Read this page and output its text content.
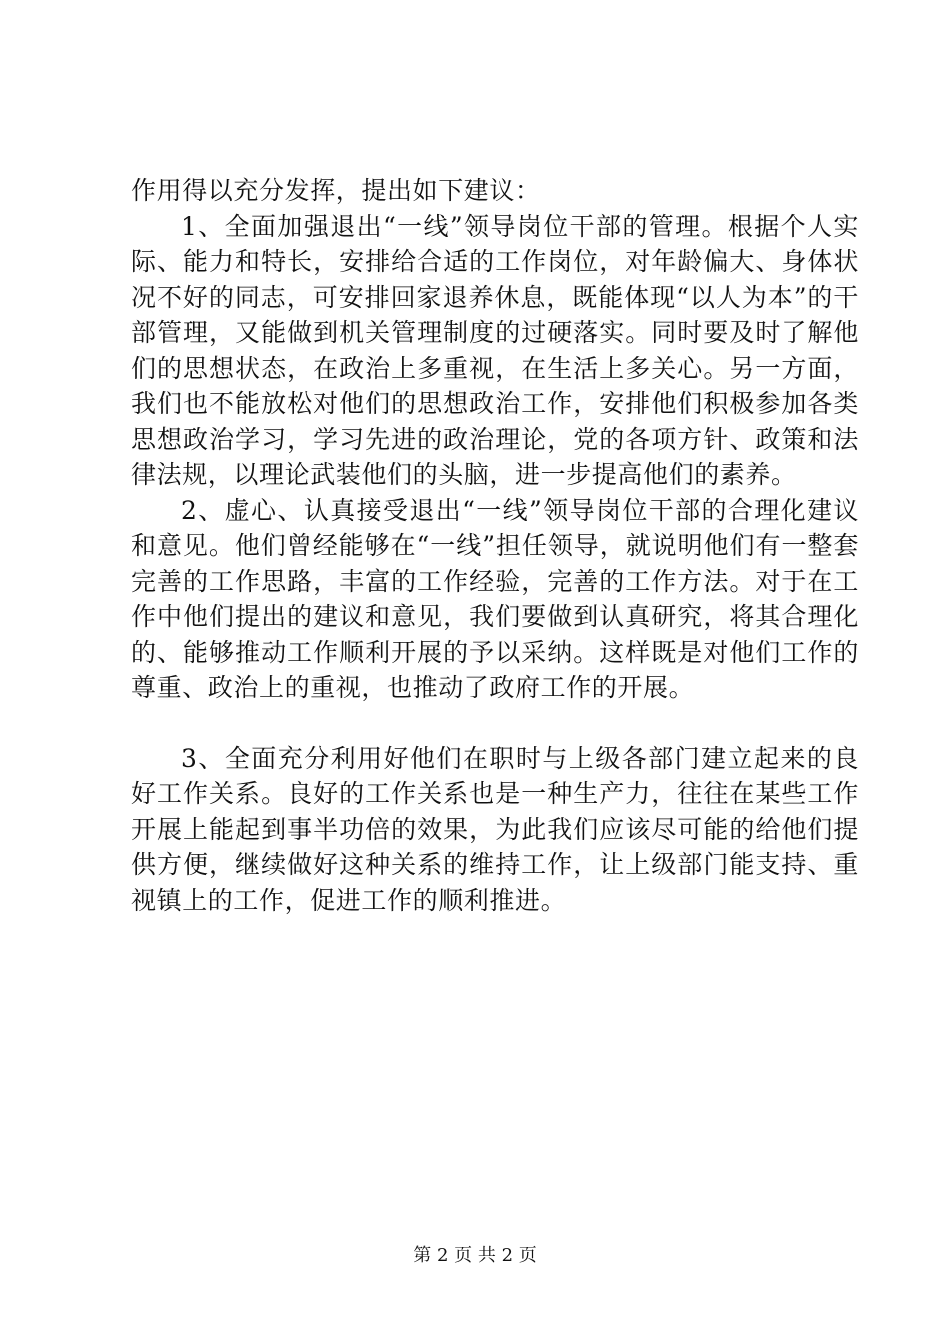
作用得以充分发挥，提出如下建议：

1、全面加强退出“一线”领导岗位干部的管理。根据个人实际、能力和特长，安排给合适的工作岗位，对年龄偏大、身体状况不好的同志，可安排回家退养休息，既能体现“以人为本”的干部管理，又能做到机关管理制度的过硬落实。同时要及时了解他们的思想状态，在政治上多重视，在生活上多关心。另一方面，我们也不能放松对他们的思想政治工作，安排他们积极参加各类思想政治学习，学习先进的政治理论，党的各项方针、政策和法律法规，以理论武装他们的头脑，进一步提高他们的素养。

2、虚心、认真接受退出“一线”领导岗位干部的合理化建议和意见。他们曾经能够在“一线”担任领导，就说明他们有一整套完善的工作思路，丰富的工作经验，完善的工作方法。对于在工作中他们提出的建议和意见，我们要做到认真研究，将其合理化的、能够推动工作顺利开展的予以采纳。这样既是对他们工作的尊重、政治上的重视，也推动了政府工作的开展。

3、全面充分利用好他们在职时与上级各部门建立起来的良好工作关系。良好的工作关系也是一种生产力，往往在某些工作开展上能起到事半功倍的效果，为此我们应该尽可能的给他们提供方便，继续做好这种关系的维持工作，让上级部门能支持、重视镇上的工作，促进工作的顺利推进。

第 2 页 共 2 页
